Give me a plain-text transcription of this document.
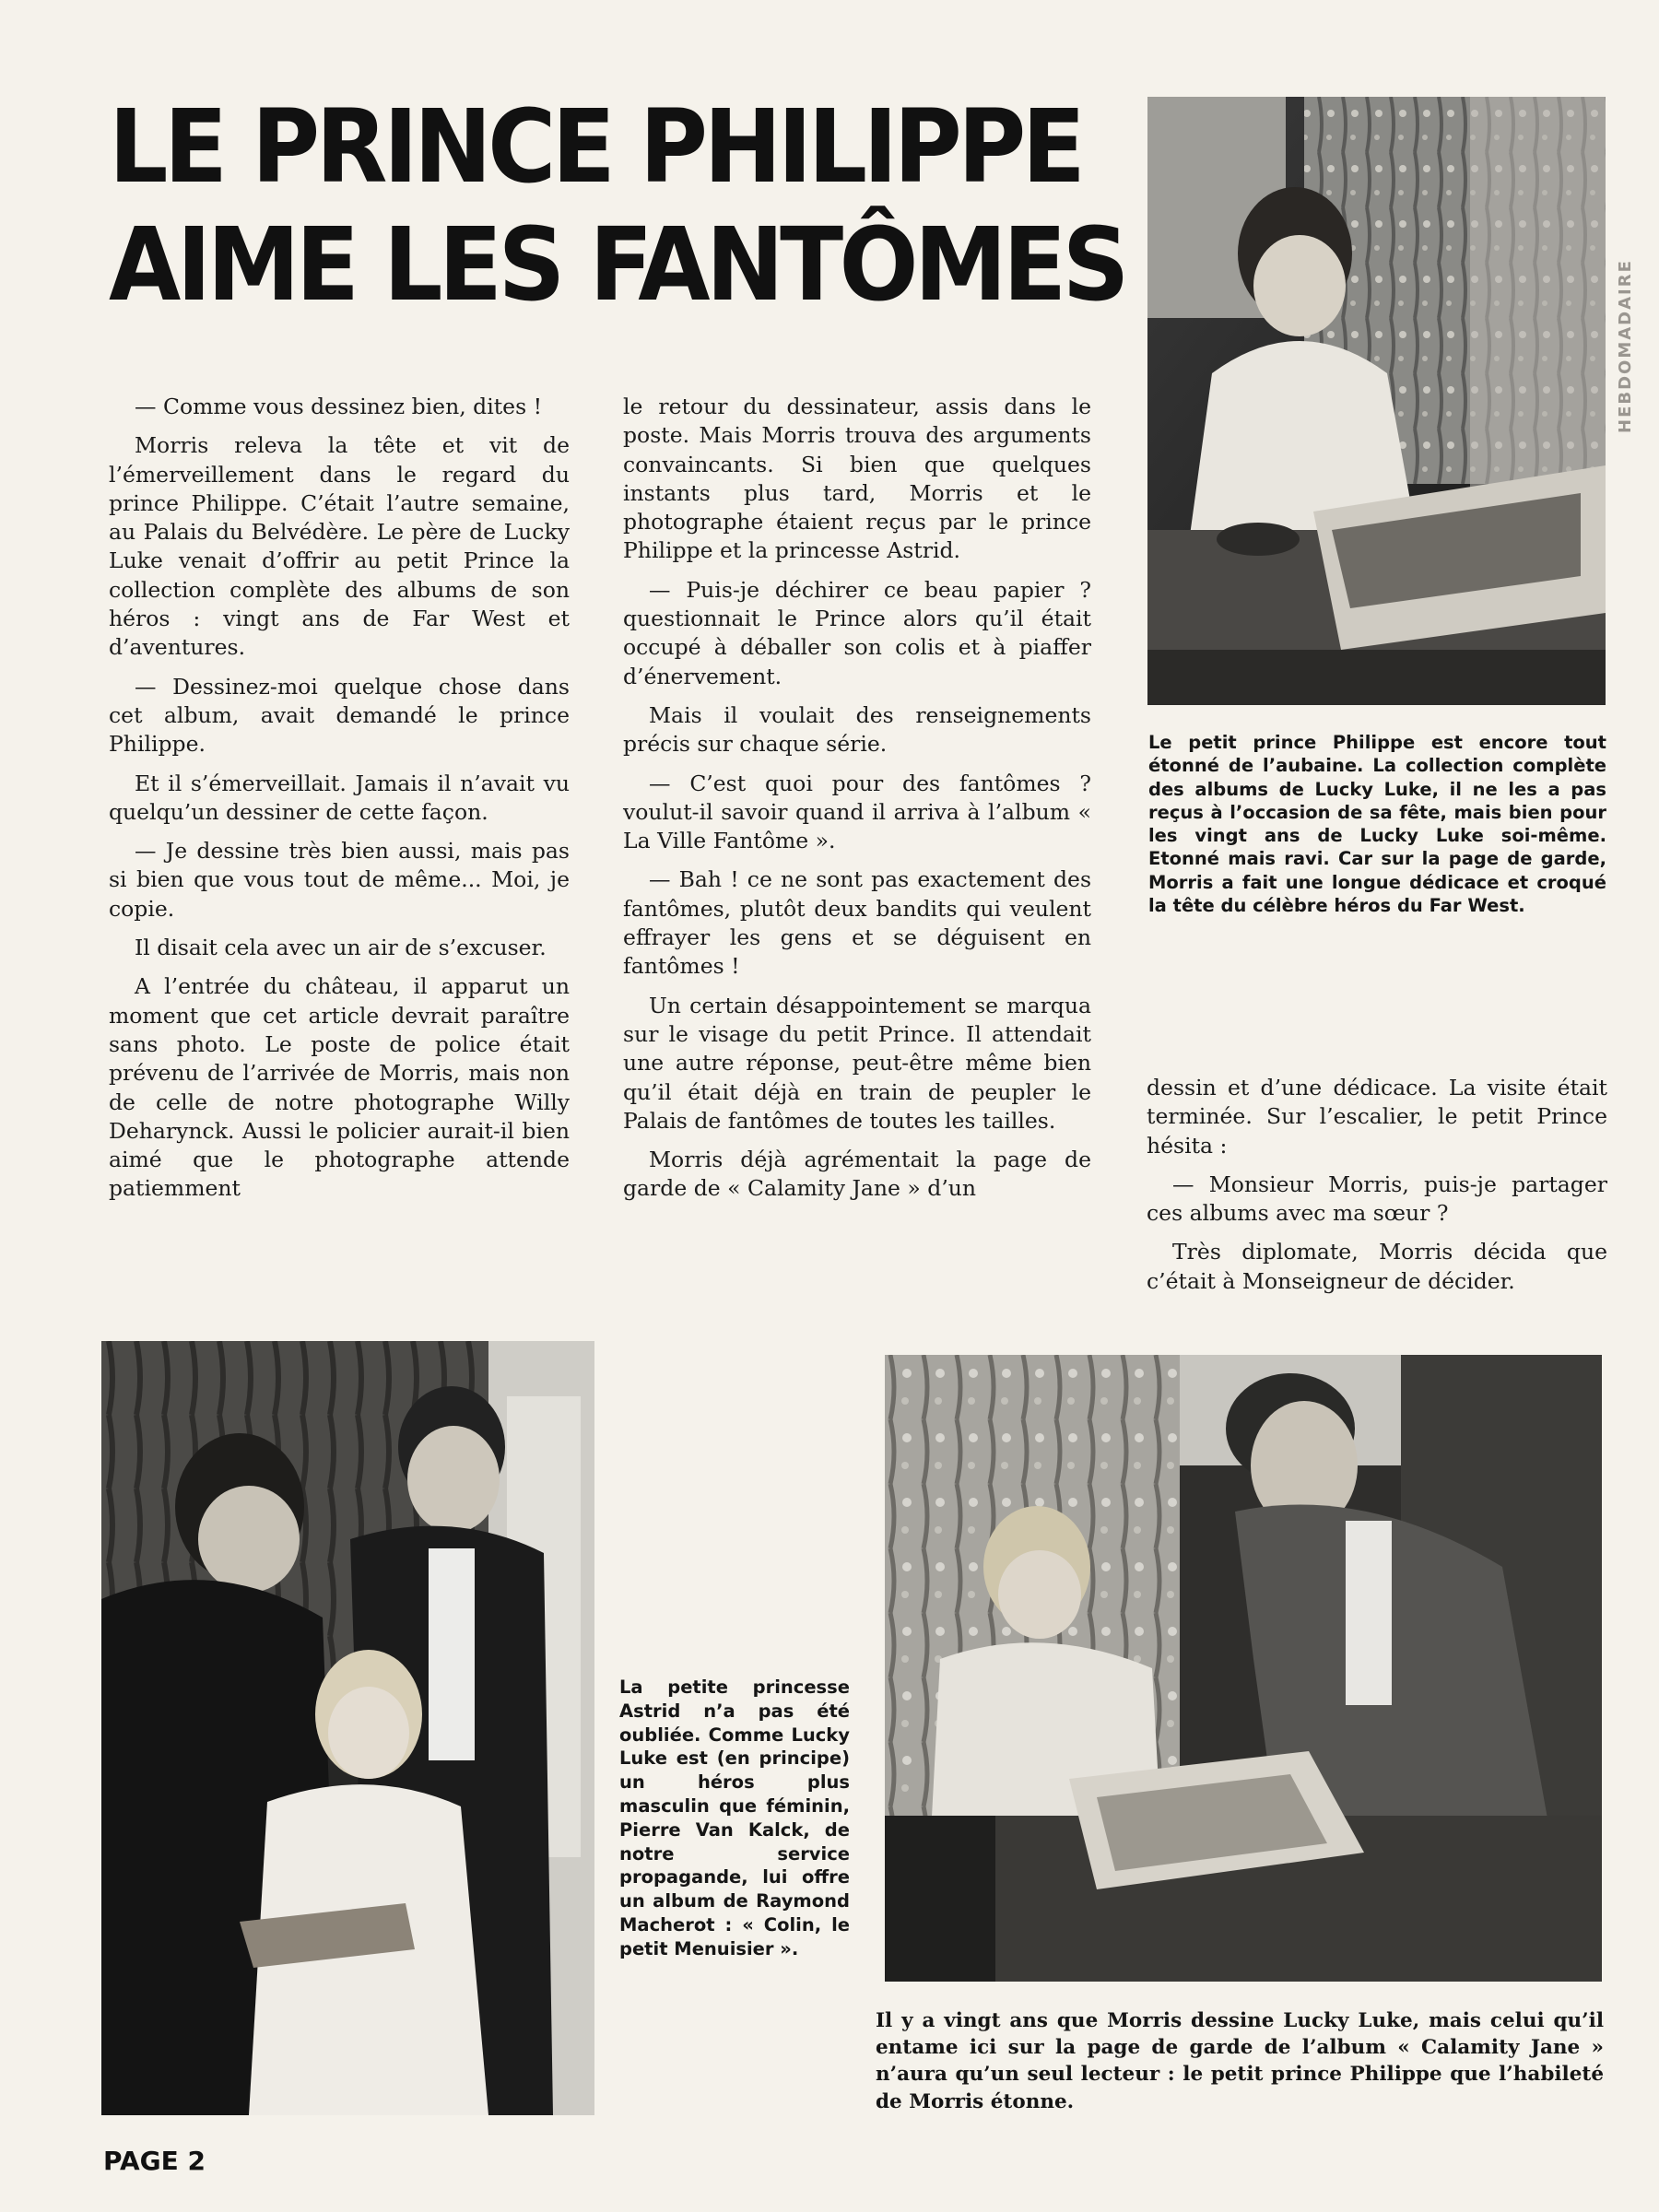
LE PRINCE PHILIPPE
AIME LES FANTÔMES	HEBDOMADAIRE

— Comme vous dessinez bien, dites !

Morris releva la tête et vit de l’émerveillement dans le regard du prince Philippe. C’était l’autre semaine, au Palais du Belvédère. Le père de Lucky Luke venait d’offrir au petit Prince la collection complète des albums de son héros : vingt ans de Far West et d’aventures.

— Dessinez-moi quelque chose dans cet album, avait demandé le prince Philippe.

Et il s’émerveillait. Jamais il n’avait vu quelqu’un dessiner de cette façon.

— Je dessine très bien aussi, mais pas si bien que vous tout de même... Moi, je copie.

Il disait cela avec un air de s’excuser.

A l’entrée du château, il apparut un moment que cet article devrait paraître sans photo. Le poste de police était prévenu de l’arrivée de Morris, mais non de celle de notre photographe Willy Deharynck. Aussi le policier aurait-il bien aimé que le photographe attende patiemment

le retour du dessinateur, assis dans le poste. Mais Morris trouva des arguments convaincants. Si bien que quelques instants plus tard, Morris et le photographe étaient reçus par le prince Philippe et la princesse Astrid.

— Puis-je déchirer ce beau papier ? questionnait le Prince alors qu’il était occupé à déballer son colis et à piaffer d’énervement.

Mais il voulait des renseignements précis sur chaque série.

— C’est quoi pour des fantômes ? voulut-il savoir quand il arriva à l’album « La Ville Fantôme ».

— Bah ! ce ne sont pas exactement des fantômes, plutôt deux bandits qui veulent effrayer les gens et se déguisent en fantômes !

Un certain désappointement se marqua sur le visage du petit Prince. Il attendait une autre réponse, peut-être même bien qu’il était déjà en train de peupler le Palais de fantômes de toutes les tailles.

Morris déjà agrémentait la page de garde de « Calamity Jane » d’un

dessin et d’une dédicace. La visite était terminée. Sur l’escalier, le petit Prince hésita :

— Monsieur Morris, puis-je partager ces albums avec ma sœur ?

Très diplomate, Morris décida que c’était à Monseigneur de décider.

Le petit prince Philippe est encore tout étonné de l’aubaine. La collection complète des albums de Lucky Luke, il ne les a pas reçus à l’occasion de sa fête, mais bien pour les vingt ans de Lucky Luke soi-même. Etonné mais ravi. Car sur la page de garde, Morris a fait une longue dédicace et croqué la tête du célèbre héros du Far West.
La petite princesse Astrid n’a pas été oubliée. Comme Lucky Luke est (en principe) un héros plus masculin que féminin, Pierre Van Kalck, de notre service propagande, lui offre un album de Raymond Macherot : « Colin, le petit Menuisier ».
Il y a vingt ans que Morris dessine Lucky Luke, mais celui qu’il entame ici sur la page de garde de l’album « Calamity Jane » n’aura qu’un seul lecteur : le petit prince Philippe que l’habileté de Morris étonne.
PAGE 2
